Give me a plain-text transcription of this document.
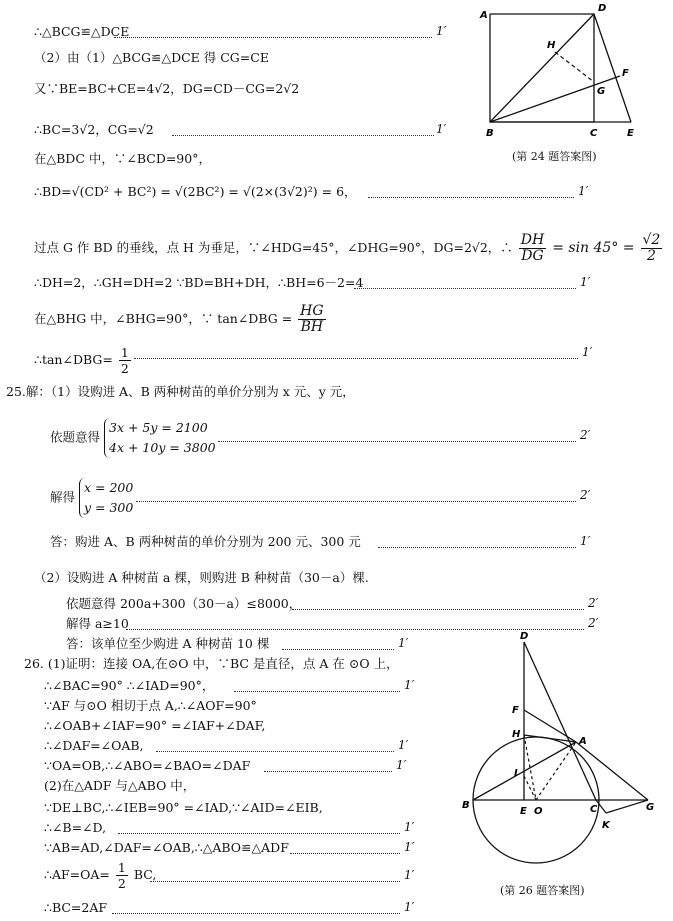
∴△BCG≌△DCE	1′
（2）由（1）△BCG≌△DCE 得 CG=CE
又∵BE=BC+CE=4√2，DG=CD－CG=2√2
∴BC=3√2，CG=√2	1′
在△BDC 中，∵∠BCD=90°，
∴BD=√(CD² + BC²) = √(2BC²) = √(2×(3√2)²) = 6，	1′
过点 G 作 BD 的垂线，点 H 为垂足，∵∠HDG=45°，∠DHG=90°，DG=2√2，∴ $\frac{DH}{DG} = \sin 45^\circ = \frac{√2}{2}$
∴DH=2，∴GH=DH=2 ∵BD=BH+DH，∴BH=6－2=4	1′
在△BHG 中，∠BHG=90°，∵ tan∠DBG = $\frac{HG}{BH}$
∴tan∠DBG= $\frac{1}{2}$	1′
A
D
H
F
G
B	C	E
(第 24 题答案图)
25.解：（1）设购进 A、B 两种树苗的单价分别为 x 元、y 元，
依题意得
3x + 5y = 2100
4x + 10y = 3800
2′
解得
x = 200
y = 300
2′
答：购进 A、B 两种树苗的单价分别为 200 元、300 元	1′
（2）设购进 A 种树苗 a 棵，则购进 B 种树苗（30－a）棵.
依题意得 200a+300（30－a）≤8000，	2′
解得 a≥10	2′
答：该单位至少购进 A 种树苗 10 棵	1′
26. (1)证明：连接 OA,在⊙O 中，∵BC 是直径，点 A 在 ⊙O 上，
∴∠BAC=90° ∴∠IAD=90°，	1′
∵AF 与⊙O 相切于点 A,∴∠AOF=90°
∴∠OAB+∠IAF=90° =∠IAF+∠DAF,
∴∠DAF=∠OAB,	1′
∵OA=OB,∴∠ABO=∠BAO=∠DAF	1′
(2)在△ADF 与△ABO 中，
∵DE⊥BC,∴∠IEB=90° =∠IAD,∵∠AID=∠EIB,
∴∠B=∠D,	1′
∵AB=AD,∠DAF=∠OAB,∴△ABO≌△ADF	1′
∴AF=OA= $\frac{1}{2}$ BC,	1′
∴BC=2AF	1′
D
F
H
A
I
B
E O	C	G
K
(第 26 题答案图)
